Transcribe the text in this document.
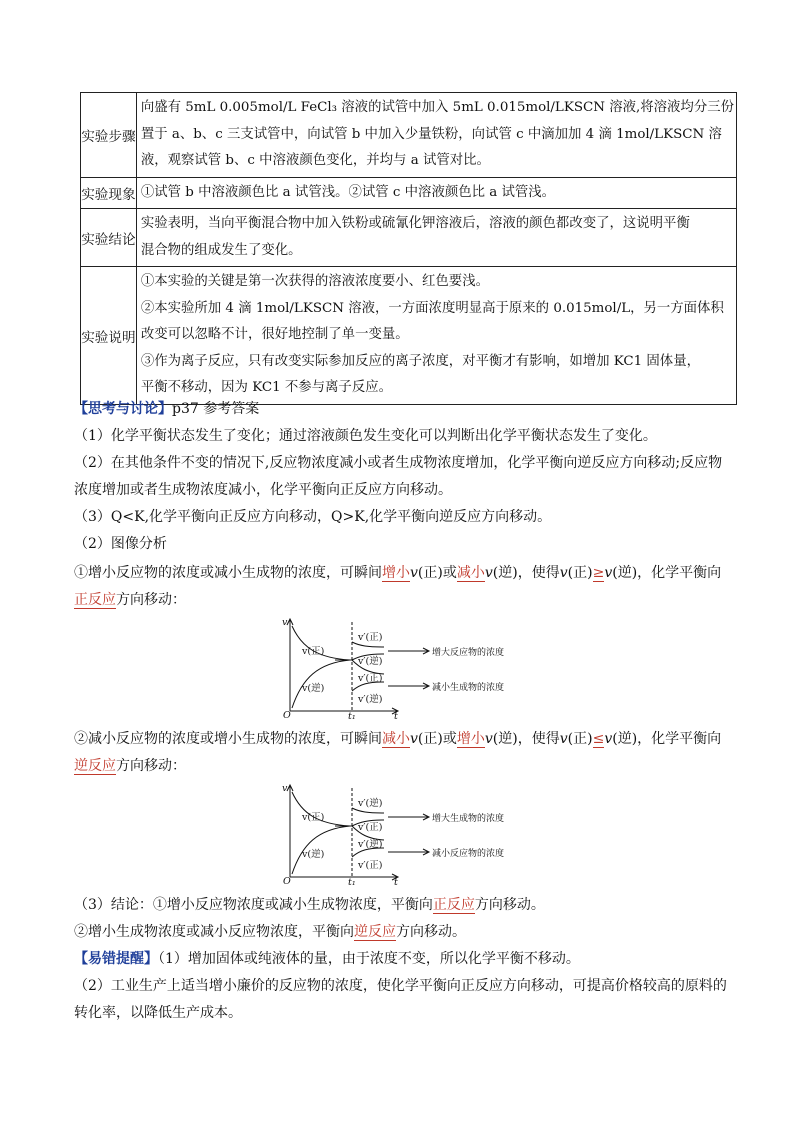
实验步骤	向盛有 5mL 0.005mol/L FeCl₃ 溶液的试管中加入 5mL 0.015mol/LKSCN 溶液,将溶液均分三份
置于 a、b、c 三支试管中，向试管 b 中加入少量铁粉，向试管 c 中滴加加 4 滴 1mol/LKSCN 溶
液，观察试管 b、c 中溶液颜色变化，并均与 a 试管对比。

实验现象	①试管 b 中溶液颜色比 a 试管浅。②试管 c 中溶液颜色比 a 试管浅。

实验结论	实验表明，当向平衡混合物中加入铁粉或硫氰化钾溶液后，溶液的颜色都改变了，这说明平衡
混合物的组成发生了变化。

实验说明	①本实验的关键是第一次获得的溶液浓度要小、红色要浅。
②本实验所加 4 滴 1mol/LKSCN 溶液，一方面浓度明显高于原来的 0.015mol/L，另一方面体积
改变可以忽略不计，很好地控制了单一变量。
③作为离子反应，只有改变实际参加反应的离子浓度，对平衡才有影响，如增加 KC1 固体量，
平衡不移动，因为 KC1 不参与离子反应。
【思考与讨论】p37 参考答案
（1）化学平衡状态发生了变化；通过溶液颜色发生变化可以判断出化学平衡状态发生了变化。
（2）在其他条件不变的情况下,反应物浓度减小或者生成物浓度增加，化学平衡向逆反应方向移动;反应物
浓度增加或者生成物浓度减小，化学平衡向正反应方向移动。
（3）Q<K,化学平衡向正反应方向移动，Q>K,化学平衡向逆反应方向移动。
（2）图像分析
①增小反应物的浓度或减小生成物的浓度，可瞬间增小v(正)或减小v(逆)，使得v(正)≥v(逆)，化学平衡向
正反应方向移动：
v
O	t
t₁
v(正)
v(逆)
v′(正)
v′(逆)
v′(正)
v′(逆)
增大反应物的浓度
减小生成物的浓度
②减小反应物的浓度或增小生成物的浓度，可瞬间减小v(正)或增小v(逆)，使得v(正)≤v(逆)，化学平衡向
逆反应方向移动：
v
O	t
t₁
v(正)
v(逆)
v′(逆)
v′(正)
v′(逆)
v′(正)
增大生成物的浓度
减小反应物的浓度
（3）结论：①增小反应物浓度或减小生成物浓度，平衡向正反应方向移动。
②增小生成物浓度或减小反应物浓度，平衡向逆反应方向移动。
【易错提醒】（1）增加固体或纯液体的量，由于浓度不变，所以化学平衡不移动。
（2）工业生产上适当增小廉价的反应物的浓度，使化学平衡向正反应方向移动，可提高价格较高的原料的
转化率，以降低生产成本。
